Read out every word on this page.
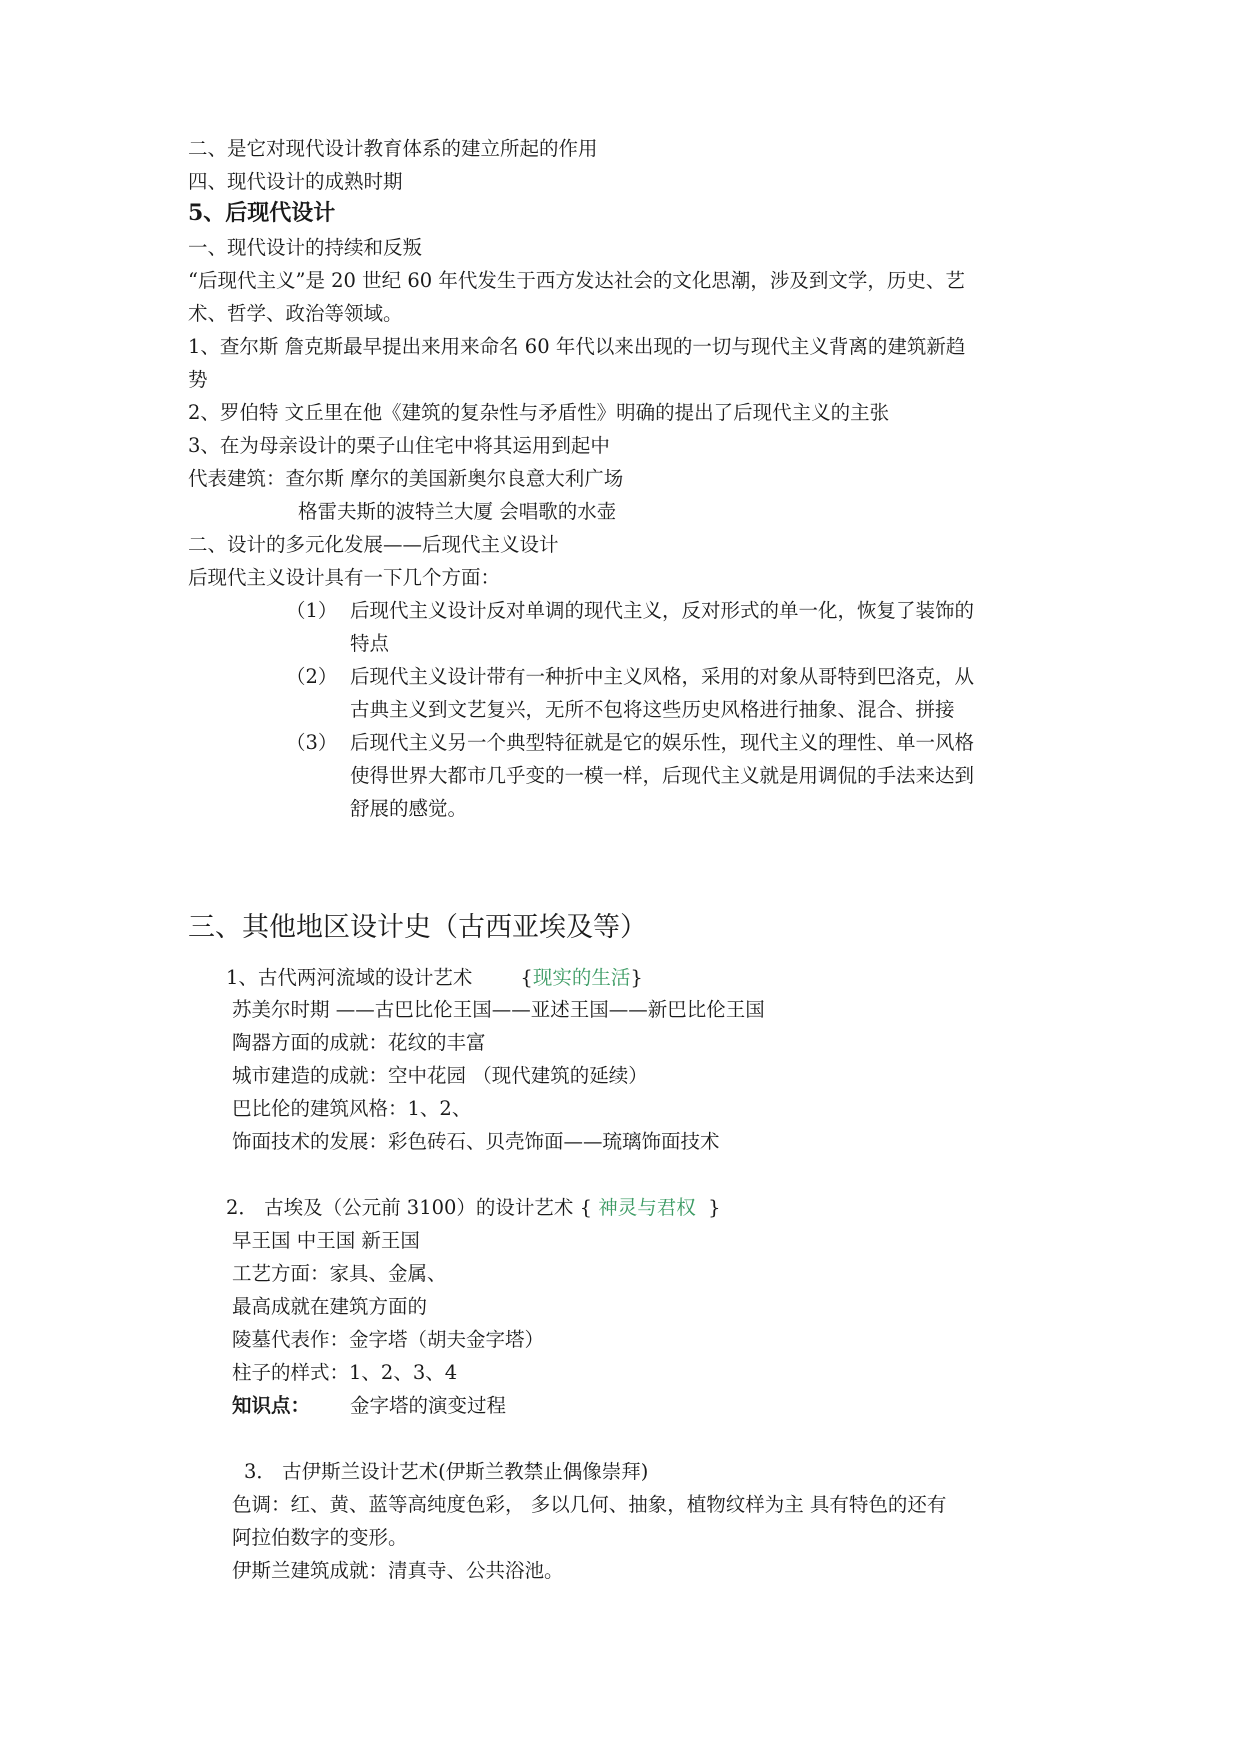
二、是它对现代设计教育体系的建立所起的作用
四、现代设计的成熟时期
5、后现代设计
一、现代设计的持续和反叛
“后现代主义”是 20 世纪 60 年代发生于西方发达社会的文化思潮，涉及到文学，历史、艺
术、哲学、政治等领域。
1、查尔斯 詹克斯最早提出来用来命名 60 年代以来出现的一切与现代主义背离的建筑新趋
势
2、罗伯特 文丘里在他《建筑的复杂性与矛盾性》明确的提出了后现代主义的主张
3、在为母亲设计的栗子山住宅中将其运用到起中
代表建筑：查尔斯 摩尔的美国新奥尔良意大利广场
格雷夫斯的波特兰大厦 会唱歌的水壶
二、设计的多元化发展——后现代主义设计
后现代主义设计具有一下几个方面：
（1） 后现代主义设计反对单调的现代主义，反对形式的单一化，恢复了装饰的
特点
（2） 后现代主义设计带有一种折中主义风格，采用的对象从哥特到巴洛克，从
古典主义到文艺复兴，无所不包将这些历史风格进行抽象、混合、拼接
（3） 后现代主义另一个典型特征就是它的娱乐性，现代主义的理性、单一风格
使得世界大都市几乎变的一模一样，后现代主义就是用调侃的手法来达到
舒展的感觉。
三、其他地区设计史（古西亚埃及等）
1、古代两河流域的设计艺术 {现实的生活}
苏美尔时期 ——古巴比伦王国——亚述王国——新巴比伦王国
陶器方面的成就：花纹的丰富
城市建造的成就：空中花园 （现代建筑的延续）
巴比伦的建筑风格：1、2、
饰面技术的发展：彩色砖石、贝壳饰面——琉璃饰面技术
2． 古埃及（公元前 3100）的设计艺术 { 神灵与君权 }
早王国 中王国 新王国
工艺方面：家具、金属、
最高成就在建筑方面的
陵墓代表作：金字塔（胡夫金字塔）
柱子的样式：1、2、3、4
知识点： 金字塔的演变过程
3． 古伊斯兰设计艺术(伊斯兰教禁止偶像崇拜)
色调：红、黄、蓝等高纯度色彩， 多以几何、抽象，植物纹样为主 具有特色的还有
阿拉伯数字的变形。
伊斯兰建筑成就：清真寺、公共浴池。
